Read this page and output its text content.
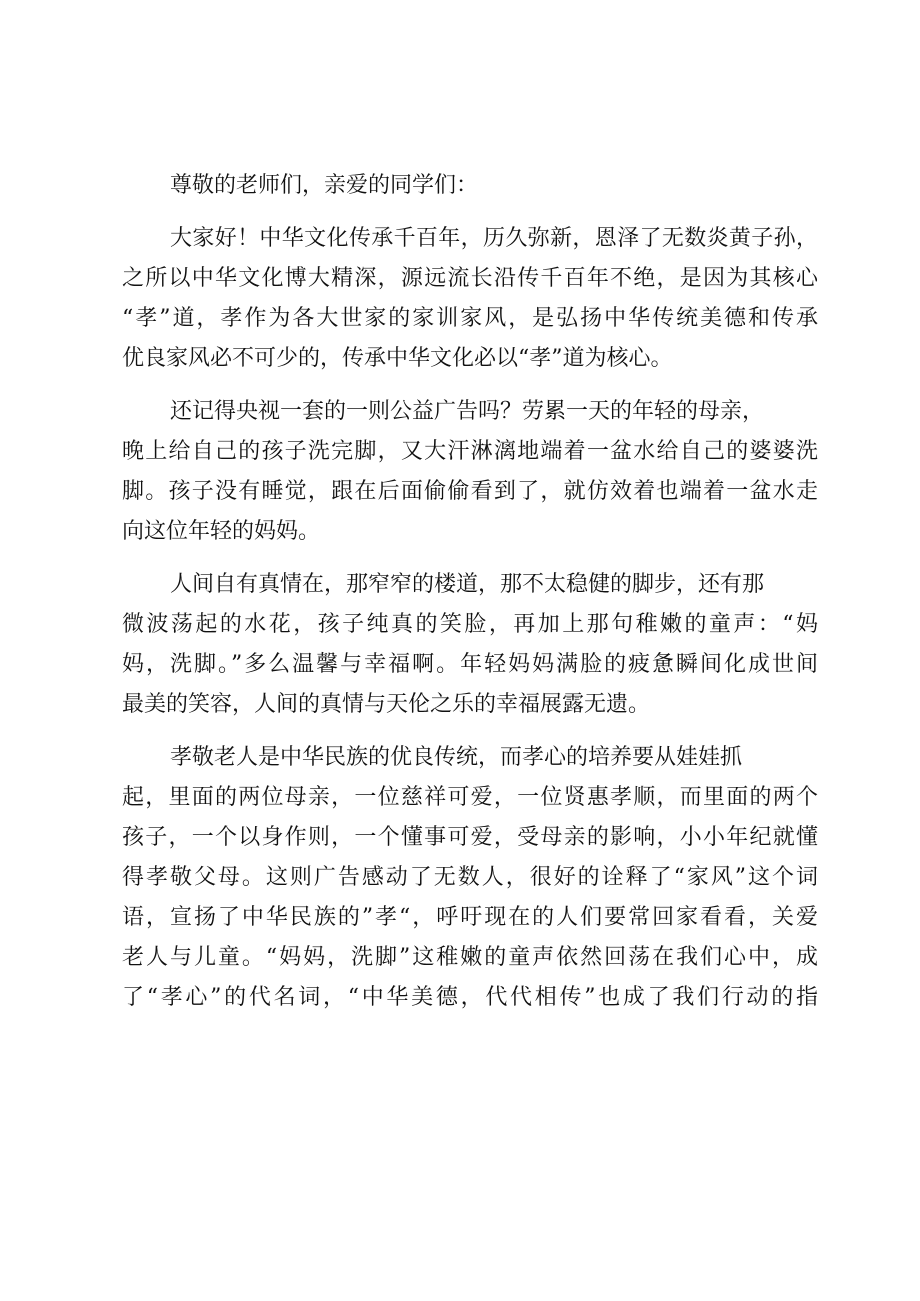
尊敬的老师们，亲爱的同学们：
大家好！中华文化传承千百年，历久弥新，恩泽了无数炎黄子孙，
之所以中华文化博大精深，源远流长沿传千百年不绝，是因为其核心
“孝”道，孝作为各大世家的家训家风，是弘扬中华传统美德和传承
优良家风必不可少的，传承中华文化必以“孝”道为核心。
还记得央视一套的一则公益广告吗？劳累一天的年轻的母亲，
晚上给自己的孩子洗完脚，又大汗淋漓地端着一盆水给自己的婆婆洗
脚。孩子没有睡觉，跟在后面偷偷看到了，就仿效着也端着一盆水走
向这位年轻的妈妈。
人间自有真情在，那窄窄的楼道，那不太稳健的脚步，还有那
微波荡起的水花，孩子纯真的笑脸，再加上那句稚嫩的童声：“妈
妈，洗脚。”多么温馨与幸福啊。年轻妈妈满脸的疲惫瞬间化成世间
最美的笑容，人间的真情与天伦之乐的幸福展露无遗。
孝敬老人是中华民族的优良传统，而孝心的培养要从娃娃抓
起，里面的两位母亲，一位慈祥可爱，一位贤惠孝顺，而里面的两个
孩子，一个以身作则，一个懂事可爱，受母亲的影响，小小年纪就懂
得孝敬父母。这则广告感动了无数人，很好的诠释了“家风”这个词
语，宣扬了中华民族的”孝“，呼吁现在的人们要常回家看看，关爱
老人与儿童。“妈妈，洗脚”这稚嫩的童声依然回荡在我们心中，成
了“孝心”的代名词，“中华美德，代代相传”也成了我们行动的指
